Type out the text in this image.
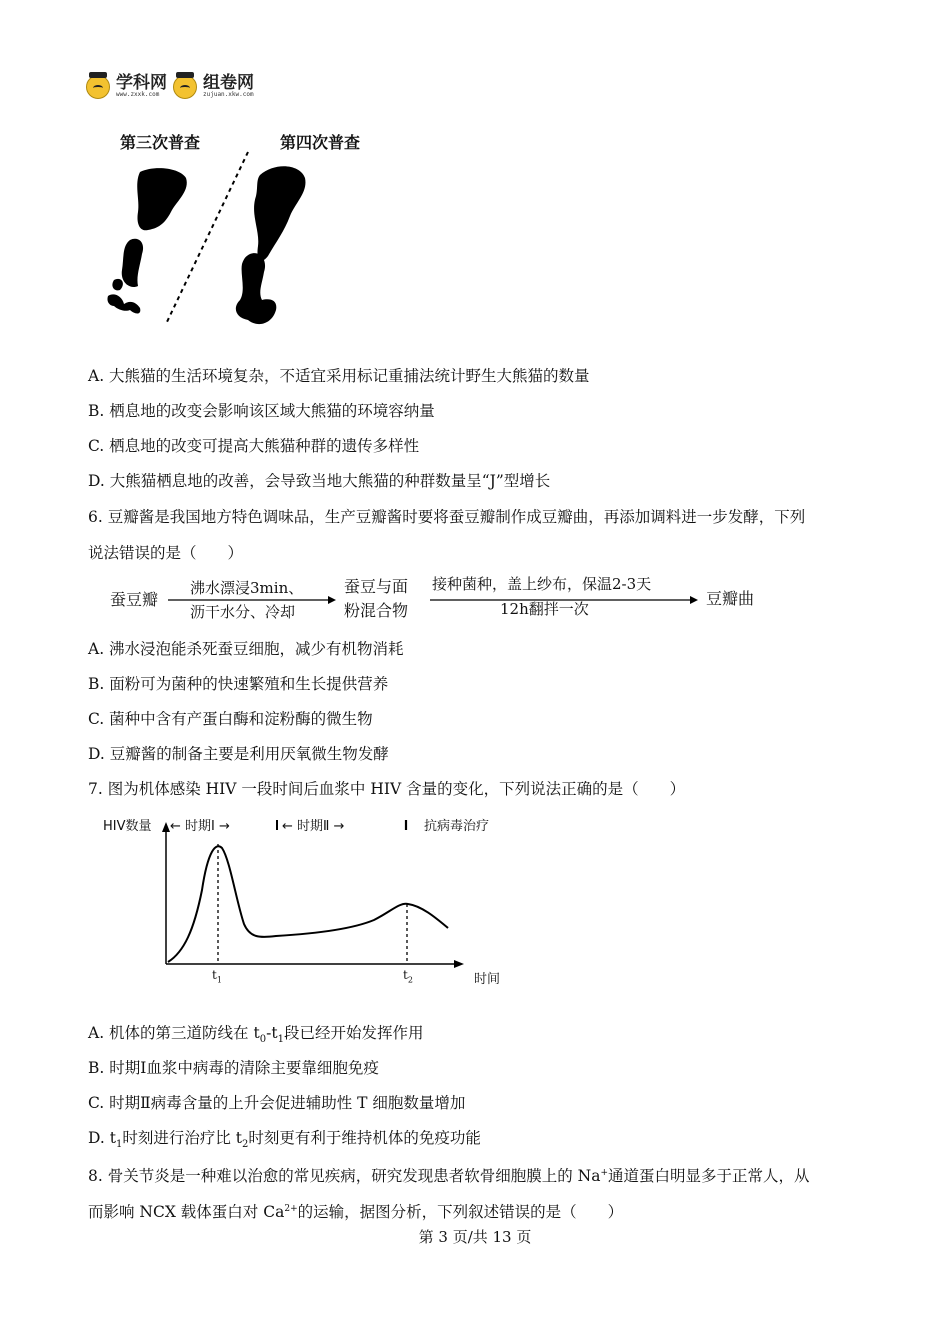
学科网
www.zxxk.com
组卷网
zujuan.xkw.com
第三次普查	第四次普查
A. 大熊猫的生活环境复杂，不适宜采用标记重捕法统计野生大熊猫的数量
B. 栖息地的改变会影响该区域大熊猫的环境容纳量
C. 栖息地的改变可提高大熊猫种群的遗传多样性
D. 大熊猫栖息地的改善，会导致当地大熊猫的种群数量呈“J”型增长
6. 豆瓣酱是我国地方特色调味品，生产豆瓣酱时要将蚕豆瓣制作成豆瓣曲，再添加调料进一步发酵，下列
说法错误的是（　　）
蚕豆瓣
沸水漂浸3min、
沥干水分、冷却
蚕豆与面
粉混合物
接种菌种，盖上纱布，保温2-3天
12h翻拌一次
豆瓣曲
A. 沸水浸泡能杀死蚕豆细胞，减少有机物消耗
B. 面粉可为菌种的快速繁殖和生长提供营养
C. 菌种中含有产蛋白酶和淀粉酶的微生物
D. 豆瓣酱的制备主要是利用厌氧微生物发酵
7. 图为机体感染 HIV 一段时间后血浆中 HIV 含量的变化，下列说法正确的是（　　）
HIV数量 ← 时期Ⅰ →	← 时期Ⅱ →	抗病毒治疗
$t_1$	$t_2$	时间
A. 机体的第三道防线在 $t_0-t_1$段已经开始发挥作用
B. 时期Ⅰ血浆中病毒的清除主要靠细胞免疫
C. 时期Ⅱ病毒含量的上升会促进辅助性 T 细胞数量增加
D. $t_1$时刻进行治疗比 $t_2$时刻更有利于维持机体的免疫功能
8. 骨关节炎是一种难以治愈的常见疾病，研究发现患者软骨细胞膜上的 Na+通道蛋白明显多于正常人，从
而影响 NCX 载体蛋白对 $Ca^{2+}$的运输，据图分析，下列叙述错误的是（　　）
第 3 页/共 13 页
